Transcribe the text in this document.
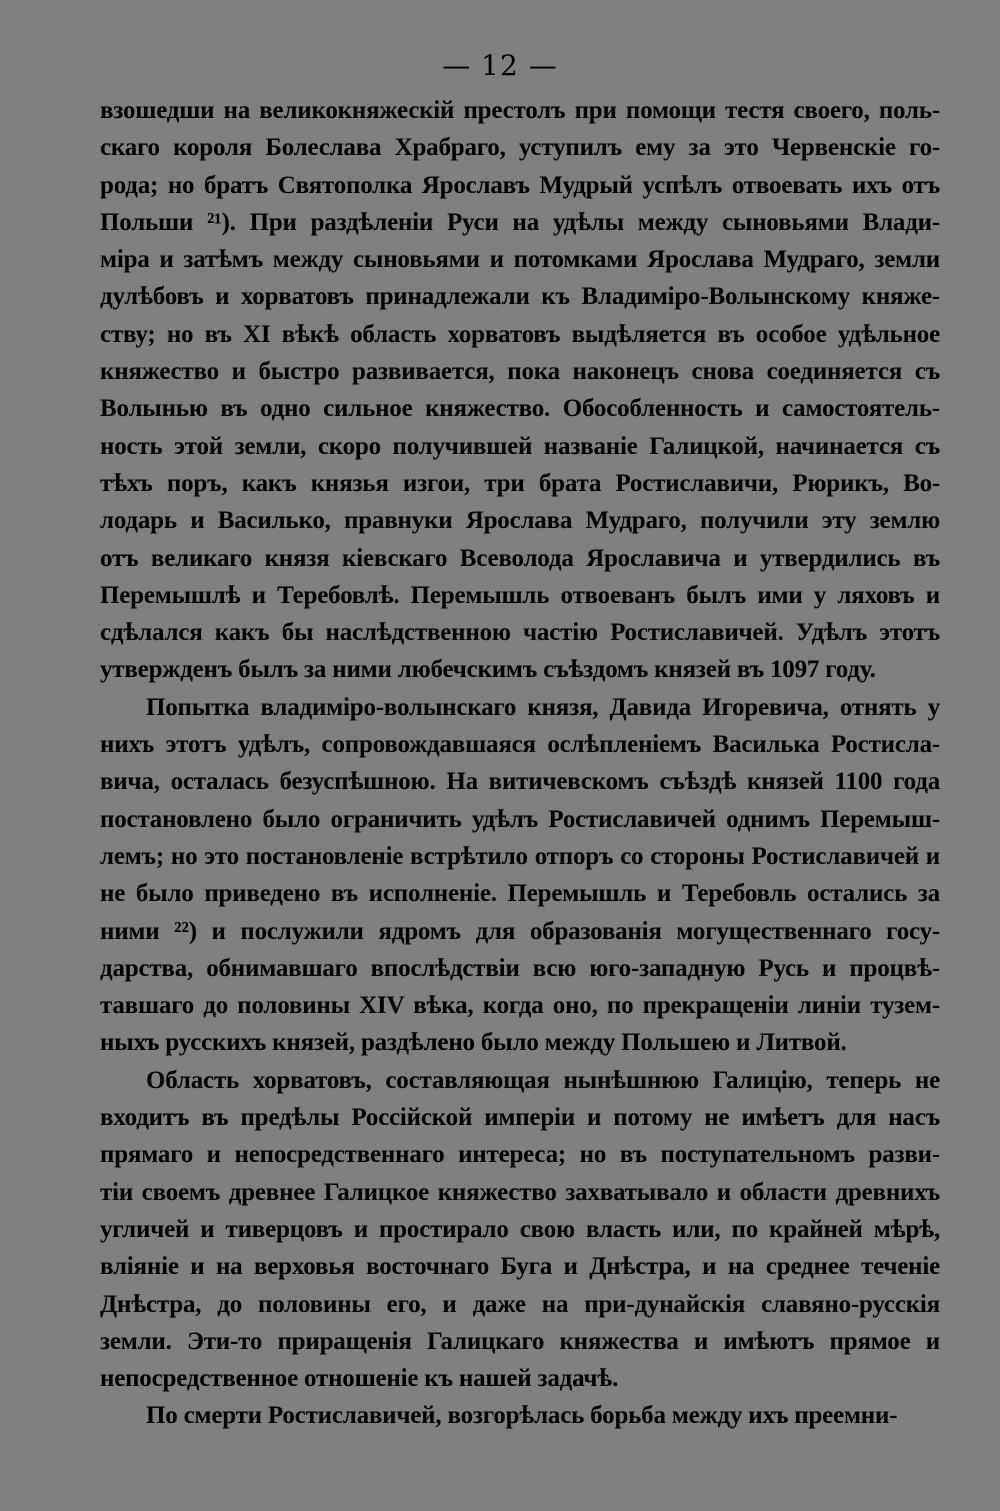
— 12 —
взошедши на великокняжескій престолъ при помощи тестя своего, поль-
скаго короля Болеслава Храбраго, уступилъ ему за это Червенскіе го-
рода; но братъ Святополка Ярославъ Мудрый успѣлъ отвоевать ихъ отъ
Польши ²¹). При раздѣленіи Руси на удѣлы между сыновьями Влади-
міра и затѣмъ между сыновьями и потомками Ярослава Мудраго, земли
дулѣбовъ и хорватовъ принадлежали къ Владиміро-Волынскому княже-
ству; но въ XI вѣкѣ область хорватовъ выдѣляется въ особое удѣльное
княжество и быстро развивается, пока наконецъ снова соединяется съ
Волынью въ одно сильное княжество. Обособленность и самостоятель-
ность этой земли, скоро получившей названіе Галицкой, начинается съ
тѣхъ поръ, какъ князья изгои, три брата Ростиславичи, Рюрикъ, Во-
лодарь и Василько, правнуки Ярослава Мудраго, получили эту землю
отъ великаго князя кіевскаго Всеволода Ярославича и утвердились въ
Перемышлѣ и Теребовлѣ. Перемышль отвоеванъ былъ ими у ляховъ и
сдѣлался какъ бы наслѣдственною частію Ростиславичей. Удѣлъ этотъ
утвержденъ былъ за ними любечскимъ съѣздомъ князей въ 1097 году.
Попытка владиміро-волынскаго князя, Давида Игоревича, отнять у
нихъ этотъ удѣлъ, сопровождавшаяся ослѣпленіемъ Василька Ростисла-
вича, осталась безуспѣшною. На витичевскомъ съѣздѣ князей 1100 года
постановлено было ограничить удѣлъ Ростиславичей однимъ Перемыш-
лемъ; но это постановленіе встрѣтило отпоръ со стороны Ростиславичей и
не было приведено въ исполненіе. Перемышль и Теребовль остались за
ними ²²) и послужили ядромъ для образованія могущественнаго госу-
дарства, обнимавшаго впослѣдствіи всю юго-западную Русь и процвѣ-
тавшаго до половины XIV вѣка, когда оно, по прекращеніи линіи тузем-
ныхъ русскихъ князей, раздѣлено было между Польшею и Литвой.
Область хорватовъ, составляющая нынѣшнюю Галицію, теперь не
входитъ въ предѣлы Россійской имперіи и потому не имѣетъ для насъ
прямаго и непосредственнаго интереса; но въ поступательномъ разви-
тіи своемъ древнее Галицкое княжество захватывало и области древнихъ
угличей и тиверцовъ и простирало свою власть или, по крайней мѣрѣ,
вліяніе и на верховья восточнаго Буга и Днѣстра, и на среднее теченіе
Днѣстра, до половины его, и даже на при-дунайскія славяно-русскія
земли. Эти-то приращенія Галицкаго княжества и имѣютъ прямое и
непосредственное отношеніе къ нашей задачѣ.
По смерти Ростиславичей, возгорѣлась борьба между ихъ преемни-
